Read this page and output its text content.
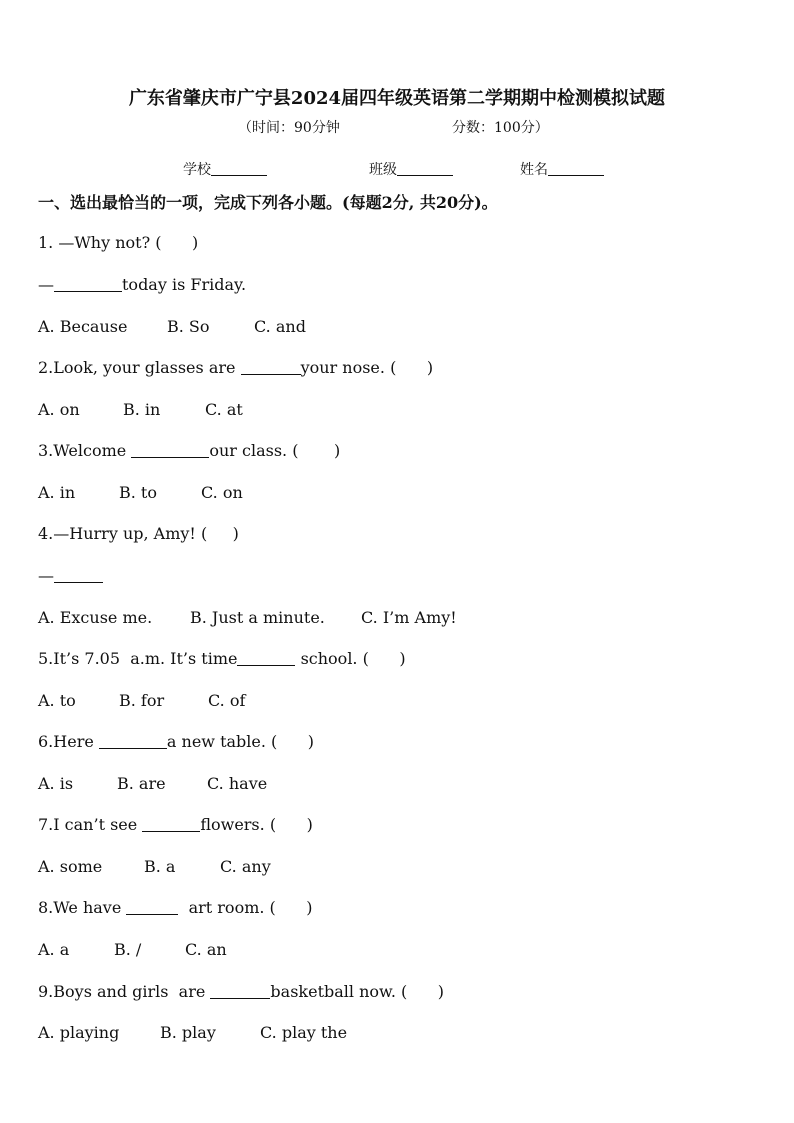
广东省肇庆市广宁县2024届四年级英语第二学期期中检测模拟试题
（时间：90分钟	分数：100分）
学校	班级	姓名
一、选出最恰当的一项，完成下列各小题。(每题2分, 共20分)。
1. —Why not? (      )
—	today is Friday.
A. Because B. So	C. and
2.Look, your glasses are	your nose. (      )
A. on	B. in	C. at
3.Welcome	our class. (       )
A. in	B. to	C. on
4.—Hurry up, Amy! (     )
—
A. Excuse me. B. Just a minute. C. I’m Amy!
5.It’s 7.05  a.m. It’s time	school. (      )
A. to	B. for	C. of
6.Here	a new table. (      )
A. is	B. are	C. have
7.I can’t see	flowers. (      )
A. some	B. a	C. any
8.We have	art room. (      )
A. a	B. /	C. an
9.Boys and girls  are	basketball now. (      )
A. playing	B. play	C. play the
